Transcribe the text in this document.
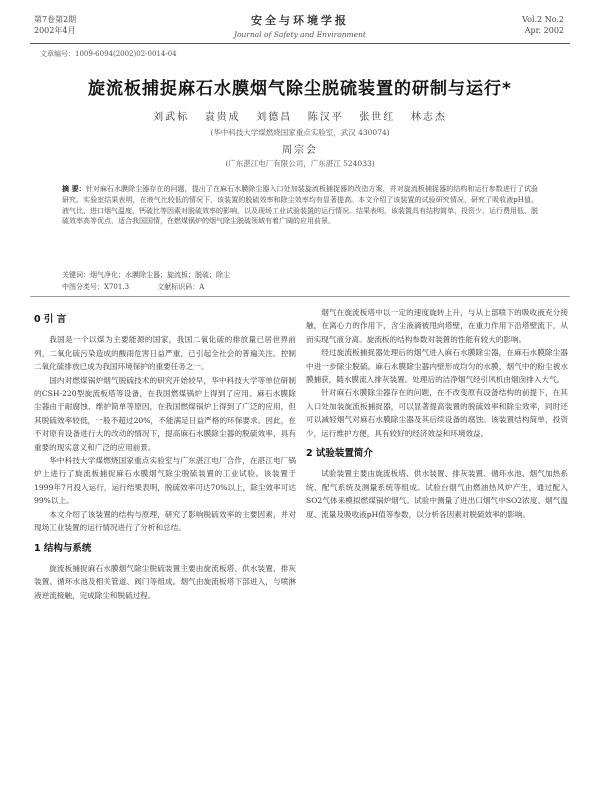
第7卷第2期
2002年4月
安全与环境学报
Journal of Safety and Environment
Vol.2 No.2
Apr. 2002
文章编号：1009-6094(2002)02-0014-04
旋流板捕捉麻石水膜烟气除尘脱硫装置的研制与运行*
刘武标 袁贵成 刘德昌 陈汉平 张世红 林志杰
(华中科技大学煤燃烧国家重点实验室，武汉 430074)
周宗会
(广东湛江电厂有限公司，广东湛江 524033)
摘 要：针对麻石水膜除尘器存在的问题，提出了在麻石水膜除尘器入口处加装旋流板捕捉器的改造方案，并对旋流板捕捉器的结构和运行参数进行了试验研究。实验室结果表明，在液气比较低的情况下，该装置的脱硫效率和除尘效率均有显著提高。本文介绍了该装置的试验研究情况，研究了吸收液pH值、液气比、进口烟气温度、钙硫比等因素对脱硫效率的影响，以及现场工业试验装置的运行情况。结果表明，该装置具有结构简单、投资少、运行费用低、脱硫效率高等优点，适合我国国情，在燃煤锅炉的烟气除尘脱硫领域有着广阔的应用前景。
关键词：烟气净化；水膜除尘器；旋流板；脱硫；除尘
中图分类号：X701.3	文献标识码：A
0 引 言

我国是一个以煤为主要能源的国家，我国二氧化硫的排放量已居世界前列，二氧化硫污染造成的酸雨危害日益严重，已引起全社会的普遍关注。控制二氧化硫排放已成为我国环境保护的重要任务之一。

国内对燃煤锅炉烟气脱硫技术的研究开始较早，华中科技大学等单位研制的CSH-220型旋流板塔等设备，在我国燃煤锅炉上得到了应用。麻石水膜除尘器由于耐腐蚀、维护简单等原因，在我国燃煤锅炉上得到了广泛的应用，但其脱硫效率较低，一般不超过20%，不能满足日益严格的环保要求。因此，在不对原有设备进行大的改动的情况下，提高麻石水膜除尘器的脱硫效率，具有重要的现实意义和广泛的应用前景。

华中科技大学煤燃烧国家重点实验室与广东湛江电厂合作，在湛江电厂锅炉上进行了旋流板捕捉麻石水膜烟气除尘脱硫装置的工业试验。该装置于1999年7月投入运行，运行结果表明，脱硫效率可达70%以上，除尘效率可达99%以上。

本文介绍了该装置的结构与原理，研究了影响脱硫效率的主要因素，并对现场工业装置的运行情况进行了分析和总结。

1 结构与系统

旋流板捕捉麻石水膜烟气除尘脱硫装置主要由旋流板塔、供水装置、排灰装置、循环水池及相关管道、阀门等组成。烟气由旋流板塔下部进入，与喷淋液逆流接触，完成除尘和脱硫过程。

烟气在旋流板塔中以一定的速度旋转上升，与从上部喷下的吸收液充分接触，在离心力的作用下，含尘液滴被甩向塔壁，在重力作用下沿塔壁流下，从而实现气液分离。旋流板的结构参数对装置的性能有较大的影响。

经过旋流板捕捉器处理后的烟气进入麻石水膜除尘器，在麻石水膜除尘器中进一步除尘脱硫。麻石水膜除尘器内壁形成均匀的水膜，烟气中的粉尘被水膜捕获，随水膜流入排灰装置。处理后的洁净烟气经引风机由烟囱排入大气。

针对麻石水膜除尘器存在的问题，在不改变原有设备结构的前提下，在其入口处加装旋流板捕捉器，可以显著提高装置的脱硫效率和除尘效率，同时还可以减轻烟气对麻石水膜除尘器及其后续设备的腐蚀。该装置结构简单，投资少，运行维护方便，具有较好的经济效益和环境效益。

2 试验装置简介

试验装置主要由旋流板塔、供水装置、排灰装置、循环水池、烟气加热系统、配气系统及测量系统等组成。试验台烟气由燃油热风炉产生，通过配入SO2气体来模拟燃煤锅炉烟气。试验中测量了进出口烟气中SO2浓度、烟气温度、流量及吸收液pH值等参数，以分析各因素对脱硫效率的影响。
